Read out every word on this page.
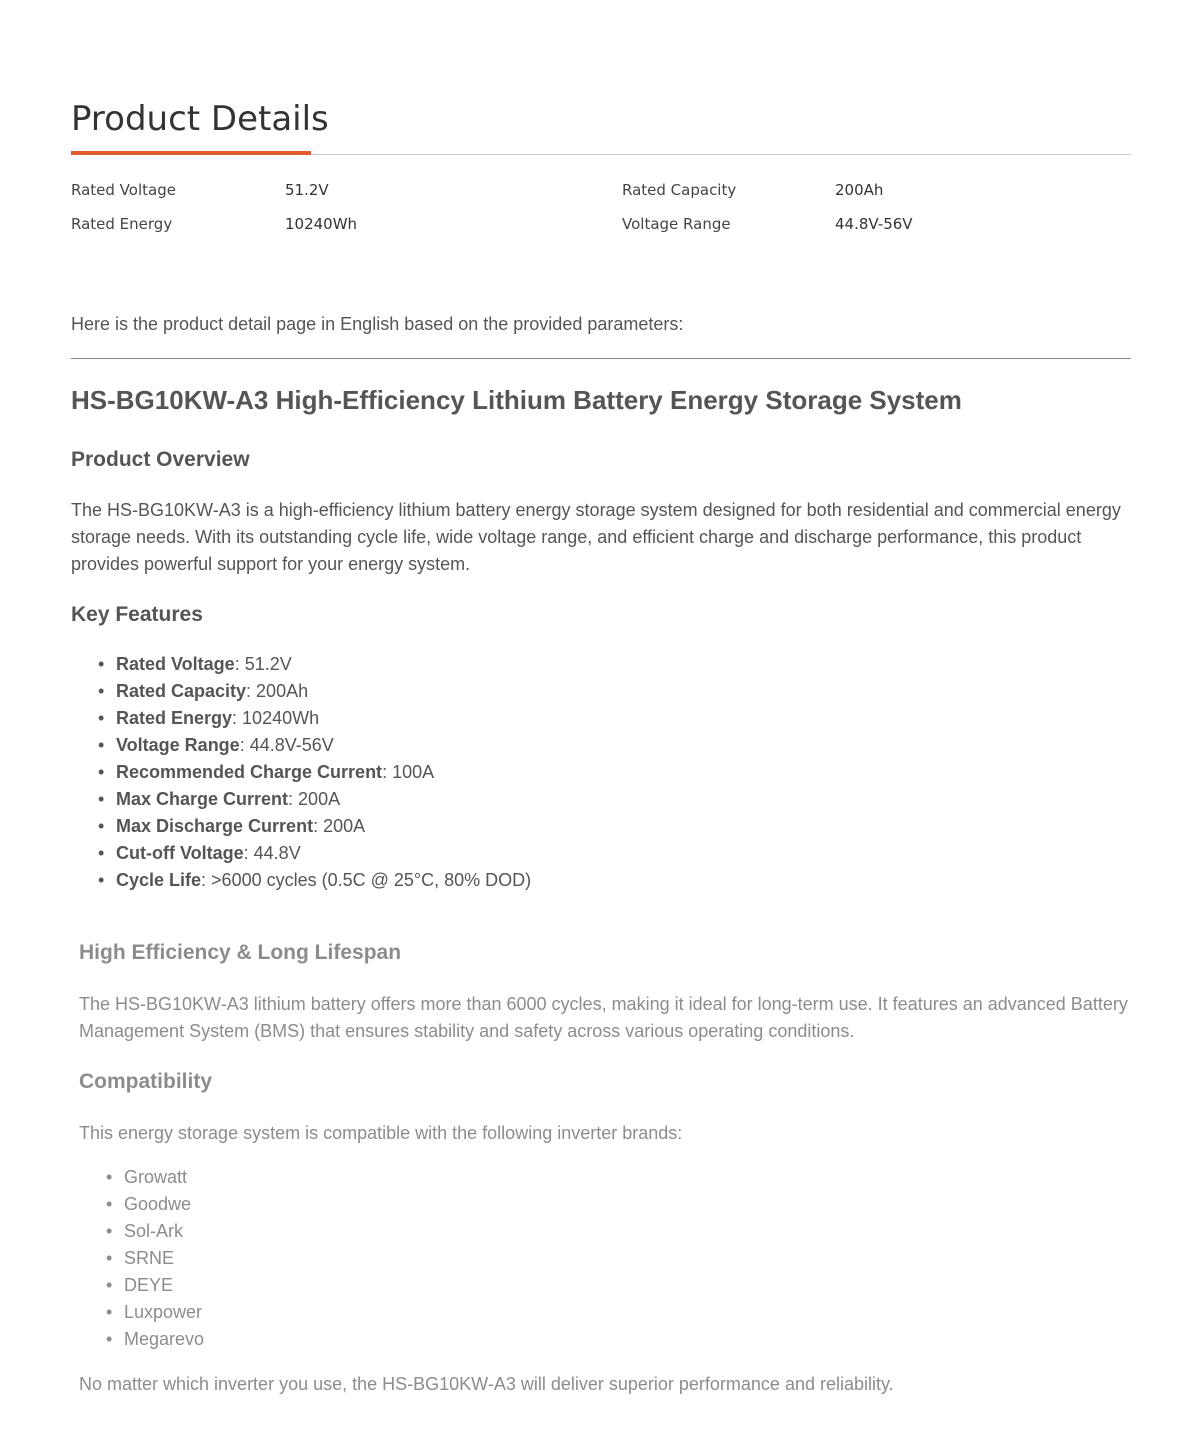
Product Details
Rated Voltage	51.2V	Rated Capacity	200Ah
Rated Energy	10240Wh	Voltage Range	44.8V-56V

Here is the product detail page in English based on the provided parameters:

HS-BG10KW-A3 High-Efficiency Lithium Battery Energy Storage System
Product Overview

The HS-BG10KW-A3 is a high-efficiency lithium battery energy storage system designed for both residential and commercial energy storage needs. With its outstanding cycle life, wide voltage range, and efficient charge and discharge performance, this product provides powerful support for your energy system.

Key Features
• Rated Voltage: 51.2V
• Rated Capacity: 200Ah
• Rated Energy: 10240Wh
• Voltage Range: 44.8V-56V
• Recommended Charge Current: 100A
• Max Charge Current: 200A
• Max Discharge Current: 200A
• Cut-off Voltage: 44.8V
• Cycle Life: >6000 cycles (0.5C @ 25°C, 80% DOD)
High Efficiency & Long Lifespan

The HS-BG10KW-A3 lithium battery offers more than 6000 cycles, making it ideal for long-term use. It features an advanced Battery Management System (BMS) that ensures stability and safety across various operating conditions.

Compatibility

This energy storage system is compatible with the following inverter brands:

• Growatt
• Goodwe
• Sol-Ark
• SRNE
• DEYE
• Luxpower
• Megarevo

No matter which inverter you use, the HS-BG10KW-A3 will deliver superior performance and reliability.
